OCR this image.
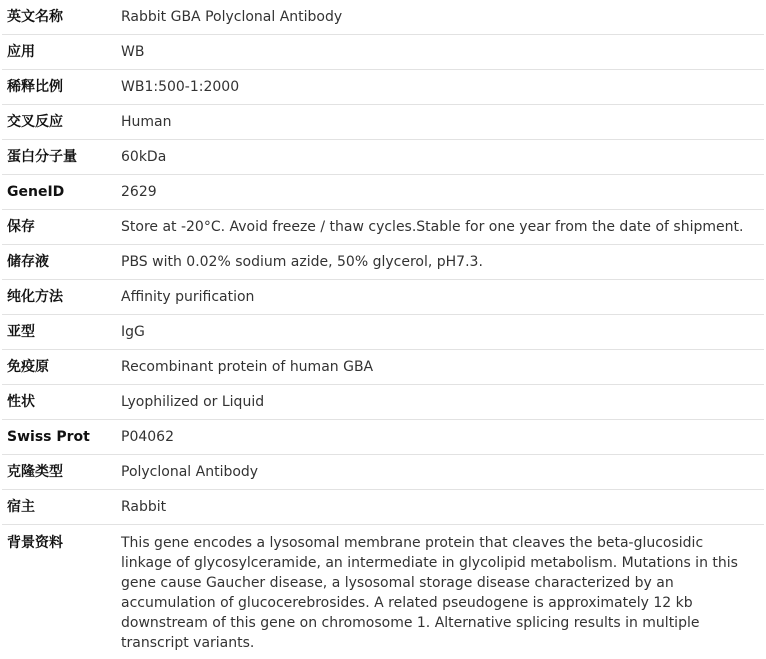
英文名称	Rabbit GBA Polyclonal Antibody
应用	WB
稀释比例	WB1:500-1:2000
交叉反应	Human
蛋白分子量	60kDa
GeneID	2629
保存	Store at -20°C. Avoid freeze / thaw cycles.Stable for one year from the date of shipment.
储存液	PBS with 0.02% sodium azide, 50% glycerol, pH7.3.
纯化方法	Affinity purification
亚型	IgG
免疫原	Recombinant protein of human GBA
性状	Lyophilized or Liquid
Swiss Prot	P04062
克隆类型	Polyclonal Antibody
宿主	Rabbit
背景资料	This gene encodes a lysosomal membrane protein that cleaves the beta-glucosidic linkage of glycosylceramide, an intermediate in glycolipid metabolism. Mutations in this gene cause Gaucher disease, a lysosomal storage disease characterized by an accumulation of glucocerebrosides. A related pseudogene is approximately 12 kb downstream of this gene on chromosome 1. Alternative splicing results in multiple transcript variants.
